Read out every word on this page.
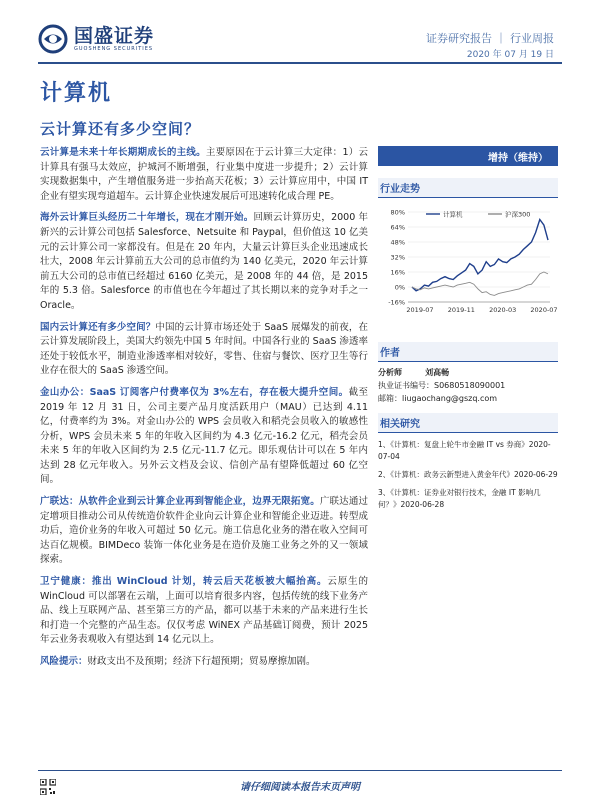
国盛证券
GUOSHENG SECURITIES
证券研究报告 ｜ 行业周报
2020 年 07 月 19 日
计算机
云计算还有多少空间？

云计算是未来十年长期期成长的主线。主要原因在于云计算三大定律：1）云计算具有强马太效应，护城河不断增强，行业集中度进一步提升；2）云计算实现数据集中，产生增值服务进一步抬高天花板；3）云计算应用中，中国 IT 企业有望实现弯道超车。云计算企业快速发展后可迅速转化成合理 PE。

海外云计算巨头经历二十年增长，现在才刚开始。回顾云计算历史，2000 年新兴的云计算公司包括 Salesforce、Netsuite 和 Paypal，但价值这 10 亿美元的云计算公司一家都没有。但是在 20 年内，大量云计算巨头企业迅速成长壮大，2008 年云计算前五大公司的总市值约为 140 亿美元，2020 年云计算前五大公司的总市值已经超过 6160 亿美元，是 2008 年的 44 倍，是 2015 年的 5.3 倍。Salesforce 的市值也在今年超过了其长期以来的竞争对手之一 Oracle。

国内云计算还有多少空间？中国的云计算市场还处于 SaaS 展爆发的前夜，在云计算发展阶段上，美国大约领先中国 5 年时间。中国各行业的 SaaS 渗透率还处于较低水平，制造业渗透率相对较好，零售、住宿与餐饮、医疗卫生等行业存在很大的 SaaS 渗透空间。

金山办公：SaaS 订阅客户付费率仅为 3%左右，存在极大提升空间。截至 2019 年 12 月 31 日，公司主要产品月度活跃用户（MAU）已达到 4.11 亿，付费率约为 3%。对金山办公的 WPS 会员收入和稻壳会员收入的敏感性分析，WPS 会员未来 5 年的年收入区间约为 4.3 亿元-16.2 亿元，稻壳会员未来 5 年的年收入区间约为 2.5 亿元-11.7 亿元。即乐观估计可以在 5 年内达到 28 亿元年收入。另外云文档及会议、信创产品有望降低超过 60 亿空间。

广联达：从软件企业到云计算企业再到智能企业，边界无限拓宽。广联达通过定增项目推动公司从传统造价软件企业向云计算企业和智能企业迈进。转型成功后，造价业务的年收入可超过 50 亿元。施工信息化业务的潜在收入空间可达百亿规模。BIMDeco 装饰一体化业务是在造价及施工业务之外的又一领域探索。

卫宁健康：推出 WinCloud 计划，转云后天花板被大幅抬高。云原生的 WinCloud 可以部署在云端，上面可以培育很多内容，包括传统的线下业务产品、线上互联网产品、甚至第三方的产品，都可以基于未来的产品来进行生长和打造一个完整的产品生态。仅仅考虑 WiNEX 产品基础订阅费，预计 2025 年云业务表观收入有望达到 14 亿元以上。

风险提示：财政支出不及预期；经济下行超预期；贸易摩擦加剧。

增持（维持）
行业走势
80%
64%
48%
32%
16%
0%
-16%
2019-07 2019-11 2020-03 2020-07
计算机	沪深300
作者
分析师	刘高畅
执业证书编号：S0680518090001
邮箱：liugaochang@gszq.com
相关研究
1、《计算机：复盘上轮牛市金融 IT vs 券商》2020-07-04
2、《计算机：政务云新型进入黄金年代》2020-06-29
3、《计算机：证券业对银行技术，金融 IT 影响几何？》2020-06-28
请仔细阅读本报告末页声明
